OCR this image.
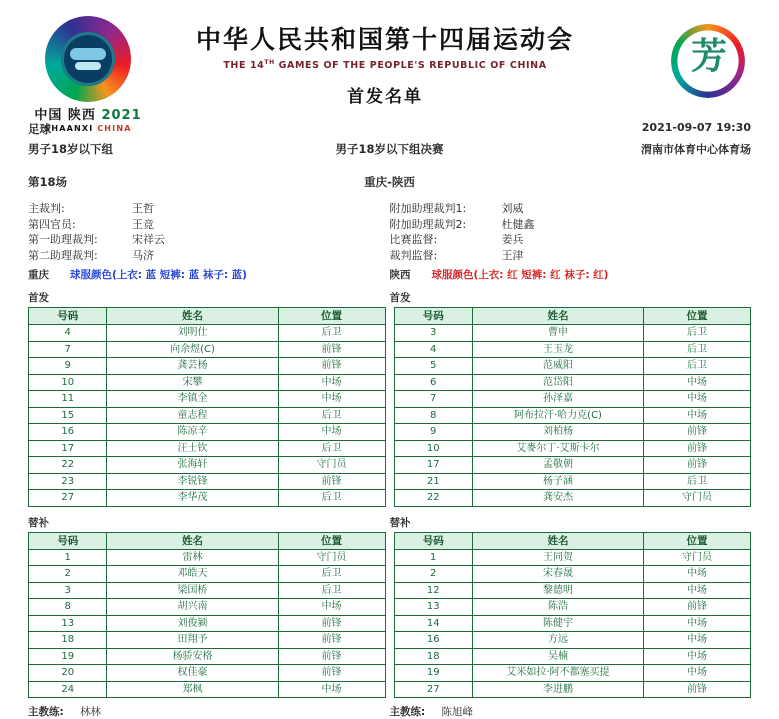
中国 陕西 2021
SHAANXI CHINA
中华人民共和国第十四届运动会
THE 14TH GAMES OF THE PEOPLE'S REPUBLIC OF CHINA
首发名单
芳
足球	2021-09-07 19:30
男子18岁以下组	男子18岁以下组决赛	渭南市体育中心体育场
第18场	重庆-陕西
主裁判:	王哲
第四官员:	王竞
第一助理裁判:	宋祥云
第二助理裁判:	马济
附加助理裁判1:	刘威
附加助理裁判2:	杜健鑫
比赛监督:	姜兵
裁判监督:	王津
重庆	球服颜色(上衣: 蓝 短裤: 蓝 袜子: 蓝)	陕西	球服颜色(上衣: 红 短裤: 红 袜子: 红)
首发	首发
号码	姓名	位置
4	刘明仕	后卫
7	向余煜(C)	前锋
9	龚芸杨	前锋
10	宋攀	中场
11	李镇全	中场
15	童志程	后卫
16	陈凉辛	中场
17	汪士钦	后卫
22	张海轩	守门员
23	李锐锋	前锋
27	李华茂	后卫
号码	姓名	位置
3	曹申	后卫
4	王玉龙	后卫
5	范威阳	后卫
6	范岱阳	中场
7	孙泽嘉	中场
8	阿布拉汗·哈力克(C)	中场
9	刘柏杨	前锋
10	艾麥尔丁·艾斯卡尔	前锋
17	孟敬朝	前锋
21	杨子涵	后卫
22	龚安杰	守门员
替补	替补
号码	姓名	位置
1	雷林	守门员
2	邓皓天	后卫
3	梁国桥	后卫
8	胡兴南	中场
13	刘俊颍	前锋
18	田翔予	前锋
19	杨骄安格	前锋
20	权佳豪	前锋
24	郑枫	中场
号码	姓名	位置
1	王同贺	守门员
2	宋春晟	中场
12	黎德明	中场
13	陈浩	前锋
14	陈健宇	中场
16	方远	中场
18	吴楠	中场
19	艾米如拉·阿不都塞买提	中场
27	李进鹏	前锋
主教练:	林林	主教练:	陈旭峰
